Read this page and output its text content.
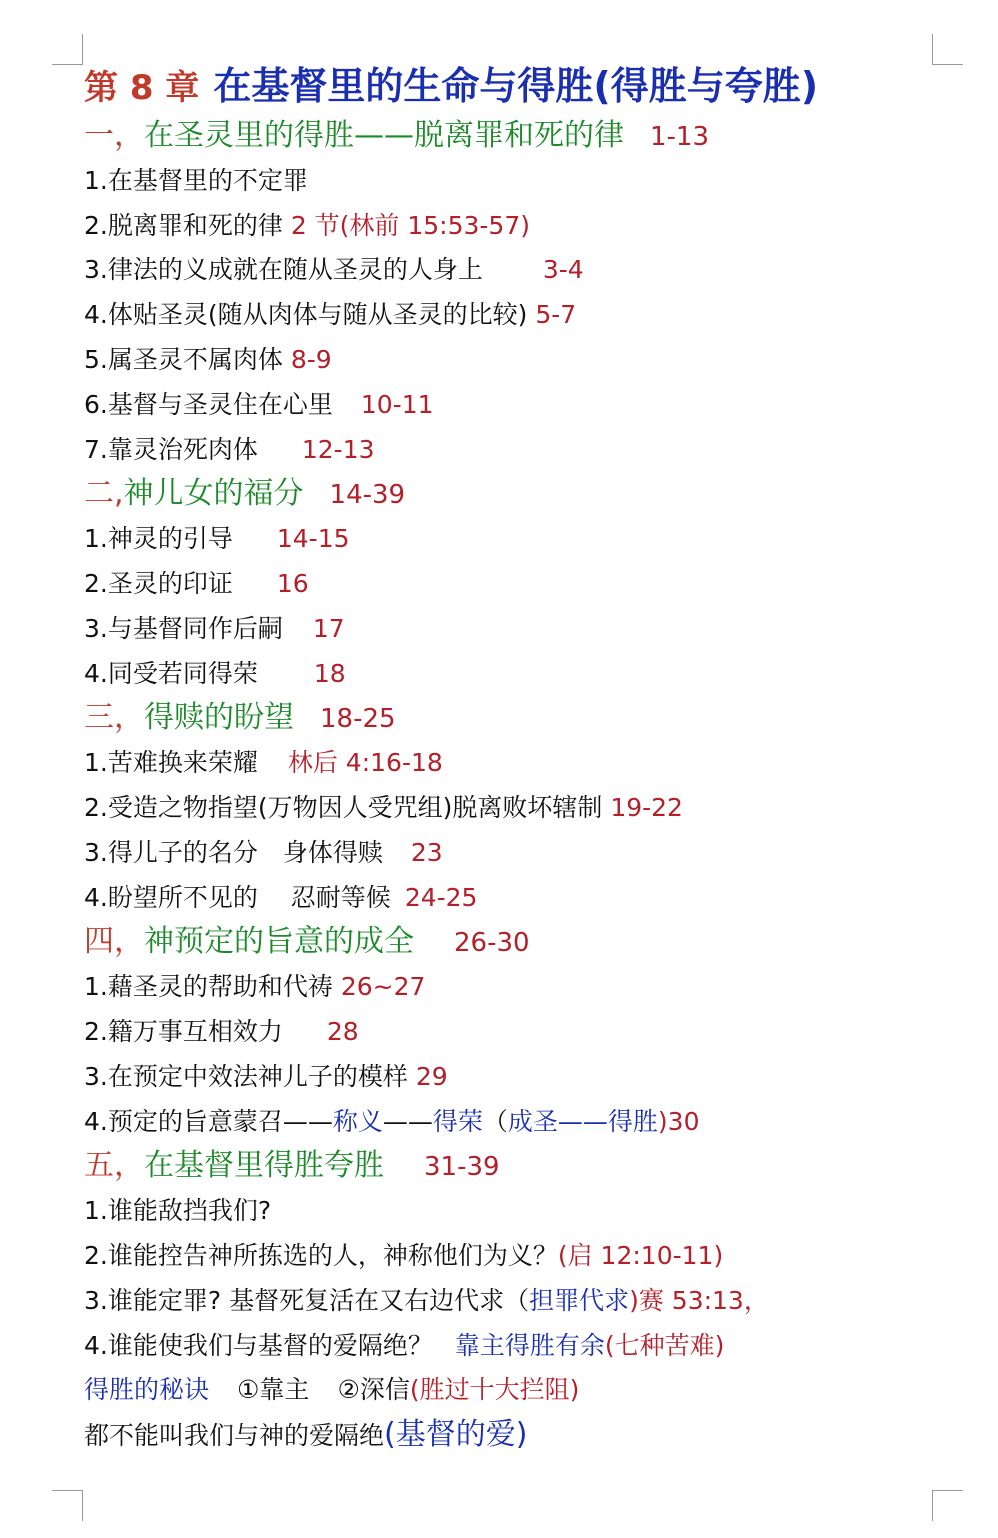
第 8 章 在基督里的生命与得胜(得胜与夸胜)
一，在圣灵里的得胜——脱离罪和死的律 1-13
1.在基督里的不定罪
2.脱离罪和死的律 2 节(林前 15:53-57)
3.律法的义成就在随从圣灵的人身上 3-4
4.体贴圣灵(随从肉体与随从圣灵的比较) 5-7
5.属圣灵不属肉体 8-9
6.基督与圣灵住在心里 10-11
7.靠灵治死肉体 12-13
二,神儿女的福分 14-39
1.神灵的引导 14-15
2.圣灵的印证 16
3.与基督同作后嗣 17
4.同受若同得荣 18
三，得赎的盼望 18-25
1.苦难换来荣耀 林后 4:16-18
2.受造之物指望(万物因人受咒组)脱离败坏辖制 19-22
3.得儿子的名分　身体得赎 23
4.盼望所不见的　 忍耐等候 24-25
四，神预定的旨意的成全 26-30
1.藉圣灵的帮助和代祷 26~27
2.籍万事互相效力 28
3.在预定中效法神儿子的模样 29
4.预定的旨意蒙召——称义——得荣（成圣——得胜)30
五，在基督里得胜夸胜 31-39
1.谁能敌挡我们?
2.谁能控告神所拣选的人，神称他们为义？(启 12:10-11)
3.谁能定罪? 基督死复活在又右边代求（担罪代求)赛 53:13，
4.谁能使我们与基督的爱隔绝？ 靠主得胜有余(七种苦难)
得胜的秘诀 ①靠主 ②深信(胜过十大拦阻)
都不能叫我们与神的爱隔绝(基督的爱)
